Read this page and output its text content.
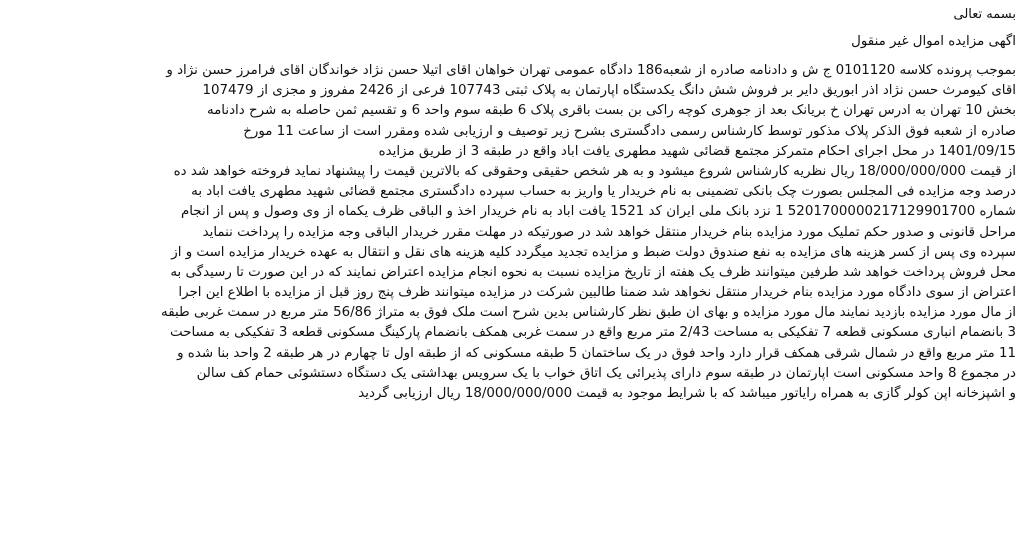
بسمه تعالی
اگهی مزایده اموال غیر منقول
بموجب پرونده کلاسه 0101120 ج ش و دادنامه صادره از شعبه186 دادگاه عمومی تهران خواهان اقای اتیلا حسن نژاد خواندگان اقای فرامرز حسن نژاد و
اقای کیومرث حسن نژاد اذر ابوریق دایر بر فروش شش دانگ یکدستگاه اپارتمان به پلاک ثبتی 107743 فرعی از 2426 مفروز و مجزی از 107479
بخش 10 تهران به ادرس تهران خ بریانک بعد از جوهری کوچه راکی بن بست باقری پلاک 6 طبقه سوم واحد 6 و تقسیم ثمن حاصله به شرح دادنامه
صادره از شعبه فوق الذکر پلاک مذکور توسط کارشناس رسمی دادگستری بشرح زیر توصیف و ارزیابی شده ومقرر است از ساعت 11 مورخ
1401/09/15 در محل اجرای احکام متمرکز مجتمع قضائی شهید مطهری یافت اباد واقع در طبقه 3 از طریق مزایده
از قیمت 18/000/000/000 ریال نظریه کارشناس شروع میشود و به هر شخص حقیقی وحقوقی که بالاترین قیمت را پیشنهاد نماید فروخته خواهد شد ده
درصد وجه مزایده فی المجلس بصورت چک بانکی تضمینی به نام خریدار یا واریز به حساب سپرده دادگستری مجتمع قضائی شهید مطهری یافت اباد به
شماره 5201700000217129901700 1 نزد بانک ملی ایران کد 1521 یافت اباد به نام خریدار اخذ و الباقی ظرف یکماه از وی وصول و پس از انجام
مراحل قانونی و صدور حکم تملیک مورد مزایده بنام خریدار منتقل خواهد شد در صورتیکه در مهلت مقرر خریدار الباقی وجه مزایده را پرداخت ننماید
سپرده وی پس از کسر هزینه های مزایده به نفع صندوق دولت ضبط و مزایده تجدید میگردد کلیه هزینه های نقل و انتقال به عهده خریدار مزایده است و از
محل فروش پرداخت خواهد شد طرفین میتوانند ظرف یک هفته از تاریخ مزایده نسبت به نحوه انجام مزایده اعتراض نمایند که در این صورت تا رسیدگی به
اعتراض از سوی دادگاه مورد مزایده بنام خریدار منتقل نخواهد شد ضمنا طالبین شرکت در مزایده میتوانند ظرف پنج روز قبل از مزایده با اطلاع این اجرا
از مال مورد مزایده بازدید نمایند مال مورد مزایده و بهای ان طبق نظر کارشناس بدین شرح است ملک فوق به متراژ 56/86 متر مربع در سمت غربی طبقه
3 بانضمام انباری مسکونی قطعه 7 تفکیکی به مساحت 2/43 متر مربع واقع در سمت غربی همکف بانضمام پارکینگ مسکونی قطعه 3 تفکیکی به مساحت
11 متر مربع واقع در شمال شرقی همکف قرار دارد واحد فوق در یک ساختمان 5 طبقه مسکونی که از طبقه اول تا چهارم در هر طبقه 2 واحد بنا شده و
در مجموع 8 واحد مسکونی است اپارتمان در طبقه سوم دارای پذیرائی یک اتاق خواب با یک سرویس بهداشتی یک دستگاه دستشوئی حمام کف سالن
و اشپزخانه اپن کولر گازی به همراه رایاتور میباشد که با شرایط موجود به قیمت 18/000/000/000 ریال ارزیابی گردید
